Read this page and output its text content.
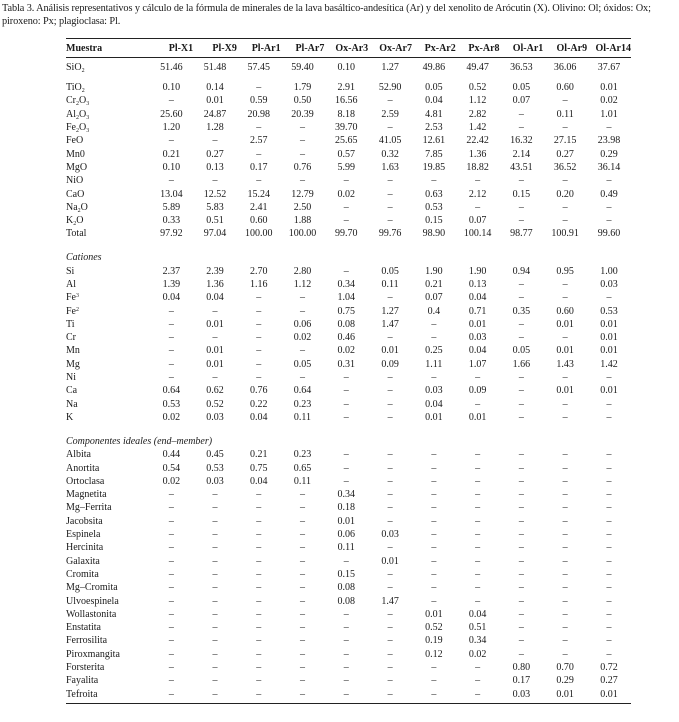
Tabla 3. Análisis representativos y cálculo de la fórmula de minerales de la lava basáltico-andesítica (Ar) y del xenolito de Arócutin (X). Olivino: Ol; óxidos: Ox; piroxeno: Px; plagioclasa: Pl.
Muestra	Pl-X1	Pl-X9	Pl-Ar1	Pl-Ar7	Ox-Ar3	Ox-Ar7	Px-Ar2	Px-Ar8	Ol-Ar1	Ol-Ar9	Ol-Ar14
SiO$_2$	51.46	51.48	57.45	59.40	0.10	1.27	49.86	49.47	36.53	36.06	37.67
TiO$_2$	0.10	0.14	–	1.79	2.91	52.90	0.05	0.52	0.05	0.60	0.01
$Cr_2O_3$	–	0.01	0.59	0.50	16.56	–	0.04	1.12	0.07	–	0.02
$Al_2O_3$	25.60	24.87	20.98	20.39	8.18	2.59	4.81	2.82	–	0.11	1.01
$Fe_2O_3$	1.20	1.28	–	–	39.70	–	2.53	1.42	–	–	–
FeO	–	–	2.57	–	25.65	41.05	12.61	22.42	16.32	27.15	23.98
Mn0	0.21	0.27	–	–	0.57	0.32	7.85	1.36	2.14	0.27	0.29
MgO	0.10	0.13	0.17	0.76	5.99	1.63	19.85	18.82	43.51	36.52	36.14
NiO	–	–	–	–	–	–	–	–	–	–	–
CaO	13.04	12.52	15.24	12.79	0.02	–	0.63	2.12	0.15	0.20	0.49
$Na_2O$	5.89	5.83	2.41	2.50	–	–	0.53	–	–	–	–
$K_2O$	0.33	0.51	0.60	1.88	–	–	0.15	0.07	–	–	–
Total	97.92	97.04	100.00	100.00	99.70	99.76	98.90	100.14	98.77	100.91	99.60

Cationes											
Si	2.37	2.39	2.70	2.80	–	0.05	1.90	1.90	0.94	0.95	1.00
Al	1.39	1.36	1.16	1.12	0.34	0.11	0.21	0.13	–	–	0.03
Fe$^3$	0.04	0.04	–	–	1.04	–	0.07	0.04	–	–	–
Fe$^2$	–	–	–	–	0.75	1.27	0.4	0.71	0.35	0.60	0.53
Ti	–	0.01	–	0.06	0.08	1.47	–	0.01	–	0.01	0.01
Cr	–	–	–	0.02	0.46	–	–	0.03	–	–	0.01
Mn	–	0.01	–	–	0.02	0.01	0.25	0.04	0.05	0.01	0.01
Mg	–	0.01	–	0.05	0.31	0.09	1.11	1.07	1.66	1.43	1.42
Ni	–	–	–	–	–	–	–	–	–	–	–
Ca	0.64	0.62	0.76	0.64	–	–	0.03	0.09	–	0.01	0.01
Na	0.53	0.52	0.22	0.23	–	–	0.04	–	–	–	–
K	0.02	0.03	0.04	0.11	–	–	0.01	0.01	–	–	–

Componentes ideales (end–member)											
Albita	0.44	0.45	0.21	0.23	–	–	–	–	–	–	–
Anortita	0.54	0.53	0.75	0.65	–	–	–	–	–	–	–
Ortoclasa	0.02	0.03	0.04	0.11	–	–	–	–	–	–	–
Magnetita	–	–	–	–	0.34	–	–	–	–	–	–
Mg–Ferrita	–	–	–	–	0.18	–	–	–	–	–	–
Jacobsita	–	–	–	–	0.01	–	–	–	–	–	–
Espinela	–	–	–	–	0.06	0.03	–	–	–	–	–
Hercinita	–	–	–	–	0.11	–	–	–	–	–	–
Galaxita	–	–	–	–	–	0.01	–	–	–	–	–
Cromita	–	–	–	–	0.15	–	–	–	–	–	–
Mg–Cromita	–	–	–	–	0.08	–	–	–	–	–	–
Ulvoespinela	–	–	–	–	0.08	1.47	–	–	–	–	–
Wollastonita	–	–	–	–	–	–	0.01	0.04	–	–	–
Enstatita	–	–	–	–	–	–	0.52	0.51	–	–	–
Ferrosilita	–	–	–	–	–	–	0.19	0.34	–	–	–
Piroxmangita	–	–	–	–	–	–	0.12	0.02	–	–	–
Forsterita	–	–	–	–	–	–	–	–	0.80	0.70	0.72
Fayalita	–	–	–	–	–	–	–	–	0.17	0.29	0.27
Tefroita	–	–	–	–	–	–	–	–	0.03	0.01	0.01
